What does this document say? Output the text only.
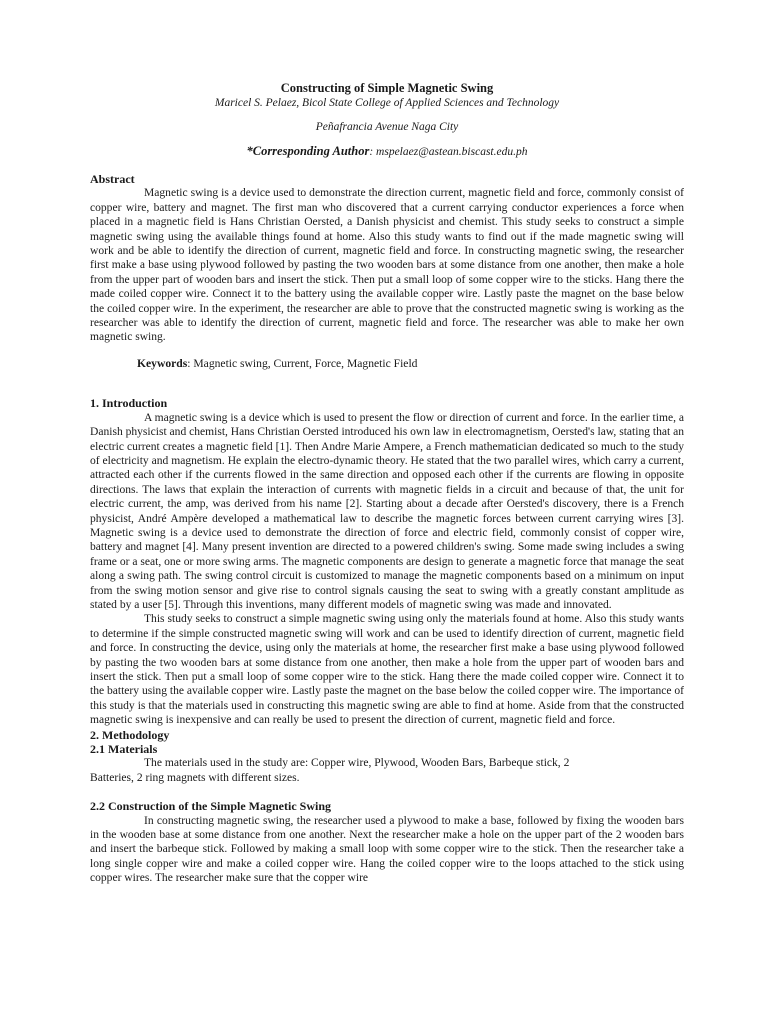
Constructing of Simple Magnetic Swing

Maricel S. Pelaez, Bicol State College of Applied Sciences and Technology

Peñafrancia Avenue Naga City

*Corresponding Author: mspelaez@astean.biscast.edu.ph

Abstract

Magnetic swing is a device used to demonstrate the direction current, magnetic field and force, commonly consist of copper wire, battery and magnet. The first man who discovered that a current carrying conductor experiences a force when placed in a magnetic field is Hans Christian Oersted, a Danish physicist and chemist. This study seeks to construct a simple magnetic swing using the available things found at home. Also this study wants to find out if the made magnetic swing will work and be able to identify the direction of current, magnetic field and force. In constructing magnetic swing, the researcher first make a base using plywood followed by pasting the two wooden bars at some distance from one another, then make a hole from the upper part of wooden bars and insert the stick. Then put a small loop of some copper wire to the sticks. Hang there the made coiled copper wire. Connect it to the battery using the available copper wire. Lastly paste the magnet on the base below the coiled copper wire. In the experiment, the researcher are able to prove that the constructed magnetic swing is working as the researcher was able to identify the direction of current, magnetic field and force. The researcher was able to make her own magnetic swing.

Keywords: Magnetic swing, Current, Force, Magnetic Field

1. Introduction

A magnetic swing is a device which is used to present the flow or direction of current and force. In the earlier time, a Danish physicist and chemist, Hans Christian Oersted introduced his own law in electromagnetism, Oersted's law, stating that an electric current creates a magnetic field [1]. Then Andre Marie Ampere, a French mathematician dedicated so much to the study of electricity and magnetism. He explain the electro-dynamic theory. He stated that the two parallel wires, which carry a current, attracted each other if the currents flowed in the same direction and opposed each other if the currents are flowing in opposite directions. The laws that explain the interaction of currents with magnetic fields in a circuit and because of that, the unit for electric current, the amp, was derived from his name [2]. Starting about a decade after Oersted's discovery, there is a French physicist, André Ampère developed a mathematical law to describe the magnetic forces between current carrying wires [3]. Magnetic swing is a device used to demonstrate the direction of force and electric field, commonly consist of copper wire, battery and magnet [4]. Many present invention are directed to a powered children's swing. Some made swing includes a swing frame or a seat, one or more swing arms. The magnetic components are design to generate a magnetic force that manage the seat along a swing path. The swing control circuit is customized to manage the magnetic components based on a minimum on input from the swing motion sensor and give rise to control signals causing the seat to swing with a greatly constant amplitude as stated by a user [5]. Through this inventions, many different models of magnetic swing was made and innovated.

This study seeks to construct a simple magnetic swing using only the materials found at home. Also this study wants to determine if the simple constructed magnetic swing will work and can be used to identify direction of current, magnetic field and force. In constructing the device, using only the materials at home, the researcher first make a base using plywood followed by pasting the two wooden bars at some distance from one another, then make a hole from the upper part of wooden bars and insert the stick. Then put a small loop of some copper wire to the stick. Hang there the made coiled copper wire. Connect it to the battery using the available copper wire. Lastly paste the magnet on the base below the coiled copper wire. The importance of this study is that the materials used in constructing this magnetic swing are able to find at home. Aside from that the constructed magnetic swing is inexpensive and can really be used to present the direction of current, magnetic field and force.

2. Methodology

2.1 Materials

The materials used in the study are: Copper wire, Plywood, Wooden Bars, Barbeque stick, 2

Batteries, 2 ring magnets with different sizes.

2.2 Construction of the Simple Magnetic Swing

In constructing magnetic swing, the researcher used a plywood to make a base, followed by fixing the wooden bars in the wooden base at some distance from one another. Next the researcher make a hole on the upper part of the 2 wooden bars and insert the barbeque stick. Followed by making a small loop with some copper wire to the stick. Then the researcher take a long single copper wire and make a coiled copper wire. Hang the coiled copper wire to the loops attached to the stick using copper wires. The researcher make sure that the copper wire
